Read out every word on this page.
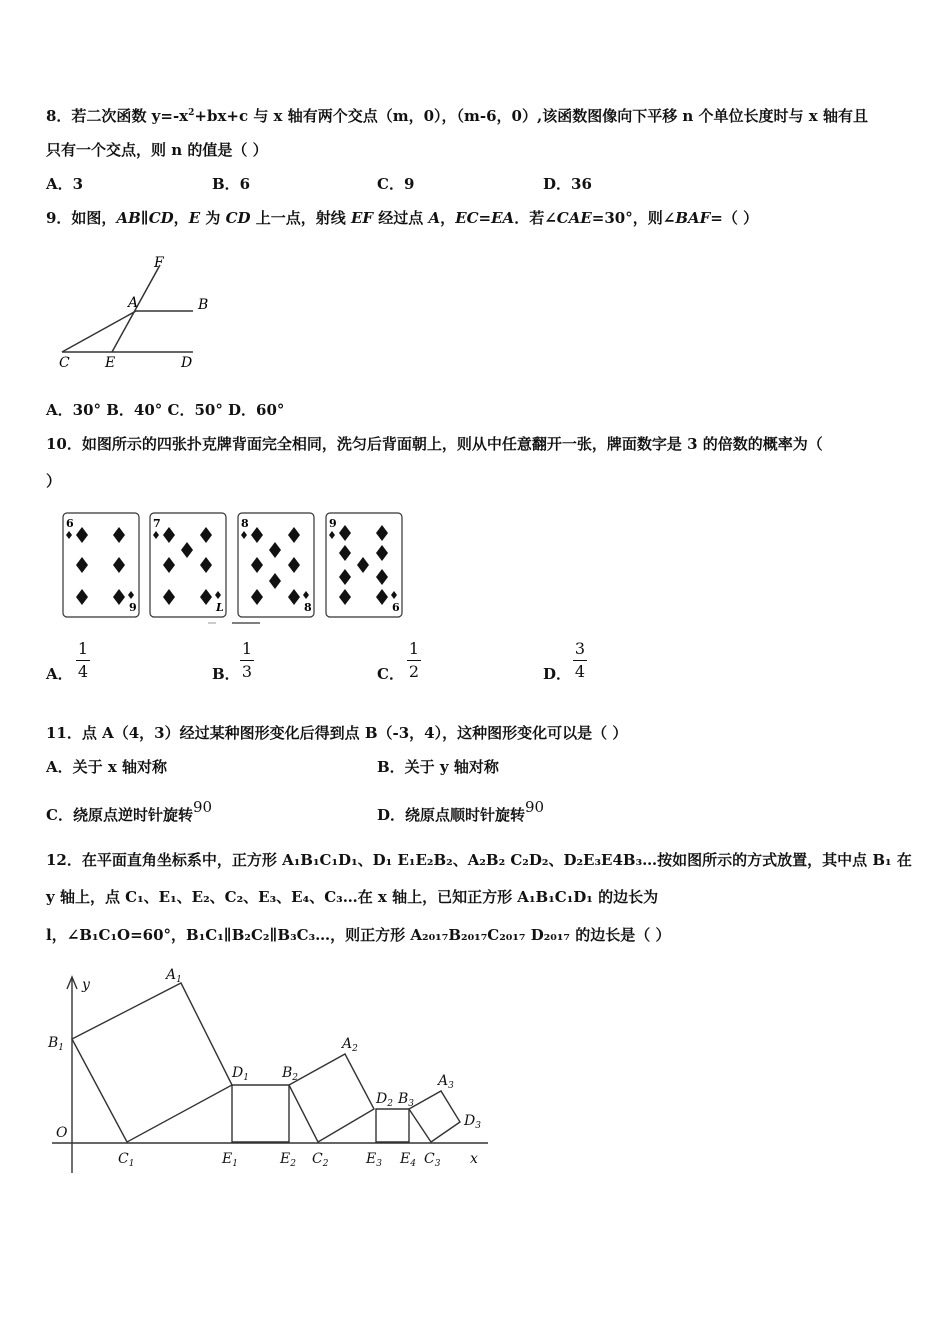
8．若二次函数 $y=-x^2+bx+c$ 与 x 轴有两个交点（m，0），（m-6，0）,该函数图像向下平移 n 个单位长度时与 x 轴有且
只有一个交点，则 n 的值是（ ）
A．3	B．6	C．9	D．36
9．如图，AB∥CD，E 为 CD 上一点，射线 EF 经过点 A，EC=EA．若∠CAE=30°，则∠BAF=（ ）
F
A	B
C	E	D
A．30° B．40° C．50° D．60°
10．如图所示的四张扑克牌背面完全相同，洗匀后背面朝上，则从中任意翻开一张，牌面数字是 3 的倍数的概率为（
）
6
9
7
L
8
8
9
6
A．
1
4	B．
1
3	C．
1
2	D．
3
4
11．点 A（4，3）经过某种图形变化后得到点 B（-3，4），这种图形变化可以是（ ）
A．关于 x 轴对称	B．关于 y 轴对称
C．绕原点逆时针旋转90	D．绕原点顺时针旋转90
12．在平面直角坐标系中，正方形 A₁B₁C₁D₁、D₁ E₁E₂B₂、A₂B₂ C₂D₂、D₂E₃E4B₃…按如图所示的方式放置，其中点 B₁ 在
y 轴上，点 C₁、E₁、E₂、C₂、E₃、E₄、C₃…在 x 轴上，已知正方形 A₁B₁C₁D₁ 的边长为
l，∠B₁C₁O=60°，B₁C₁∥B₂C₂∥B₃C₃…，则正方形 A₂₀₁₇B₂₀₁₇C₂₀₁₇ D₂₀₁₇ 的边长是（ ）
y
x
O
$A_1$
$B_1$
$C_1$
$D_1$
$E_1$	$E_2$
$B_2$
$A_2$
$C_2$
$D_2$ $B_3$
$E_3$ $E_4$ $C_3$
$A_3$
$D_3$
